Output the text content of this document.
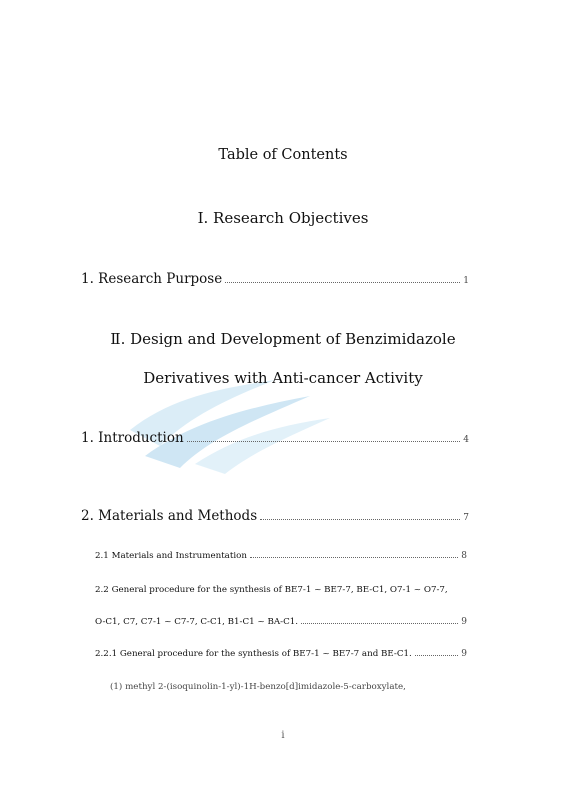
Table of Contents
Ⅰ. Research Objectives
1. Research Purpose	1
Ⅱ. Design and Development of Benzimidazole
Derivatives with Anti-cancer Activity
1. Introduction	4
2. Materials and Methods	7
2.1 Materials and Instrumentation	8
2.2 General procedure for the synthesis of BE7-1 ~ BE7-7, BE-C1, O7-1 ~ O7-7,
O-C1, C7, C7-1 ~ C7-7, C-C1, B1-C1 ~ BA-C1.	9
2.2.1 General procedure for the synthesis of BE7-1 ~ BE7-7 and BE-C1.	9
(1) methyl 2-(isoquinolin-1-yl)-1H-benzo[d]imidazole-5-carboxylate,
i
